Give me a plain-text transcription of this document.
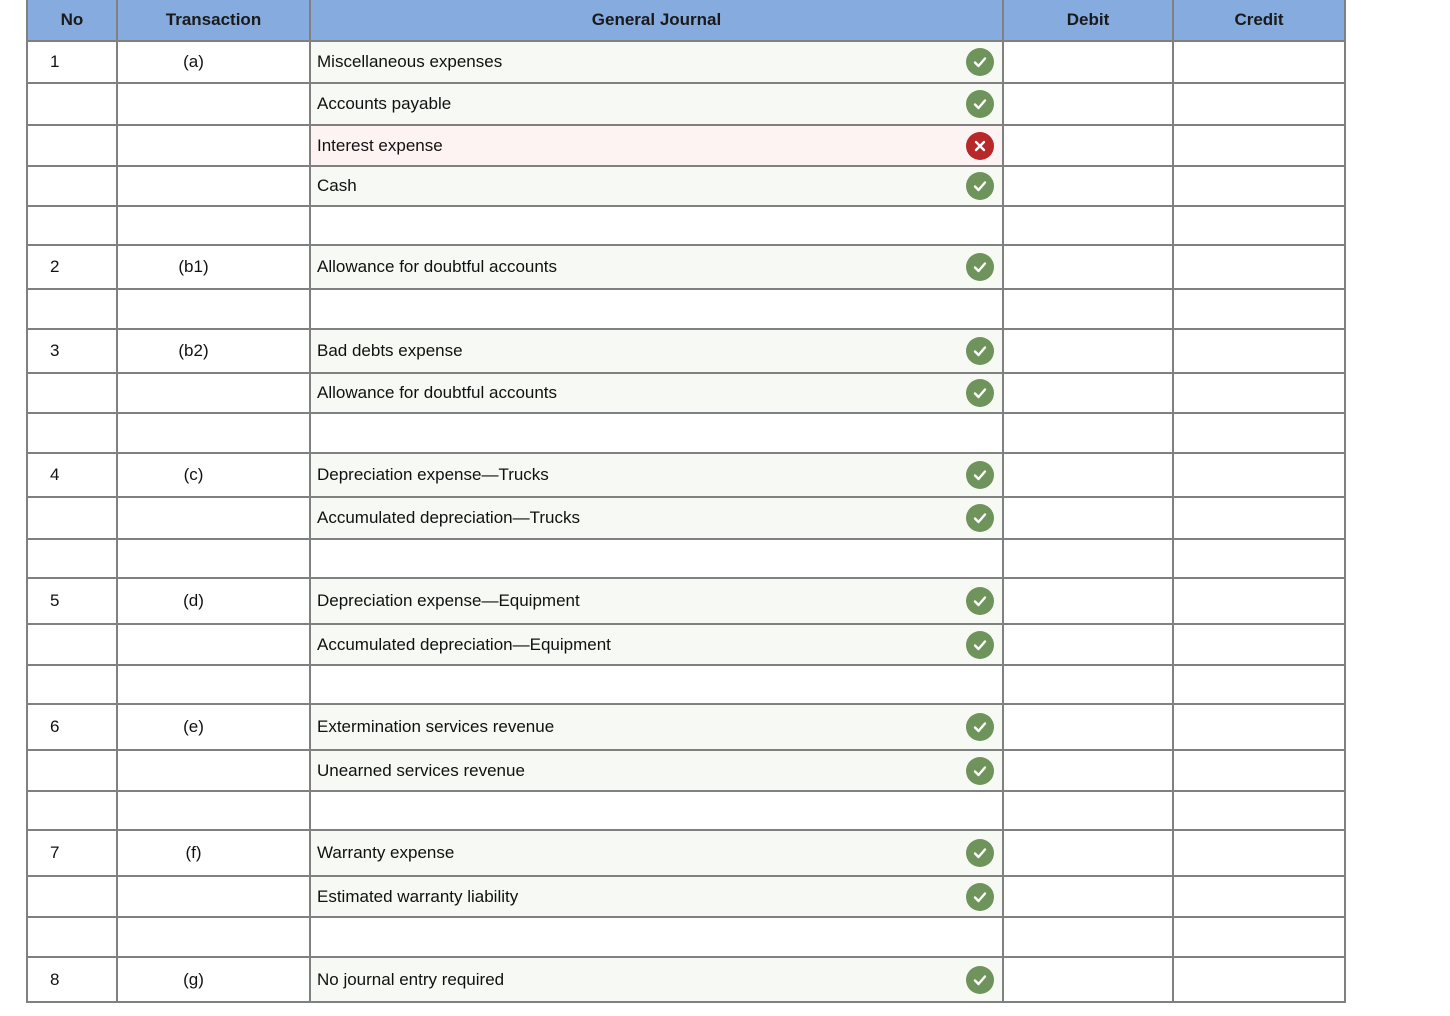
No	Transaction	General Journal	Debit	Credit
1	(a)	Miscellaneous expenses
Accounts payable
Interest expense
Cash
2	(b1)	Allowance for doubtful accounts
3	(b2)	Bad debts expense
Allowance for doubtful accounts
4	(c)	Depreciation expense—Trucks
Accumulated depreciation—Trucks
5	(d)	Depreciation expense—Equipment
Accumulated depreciation—Equipment
6	(e)	Extermination services revenue
Unearned services revenue
7	(f)	Warranty expense
Estimated warranty liability
8	(g)	No journal entry required
